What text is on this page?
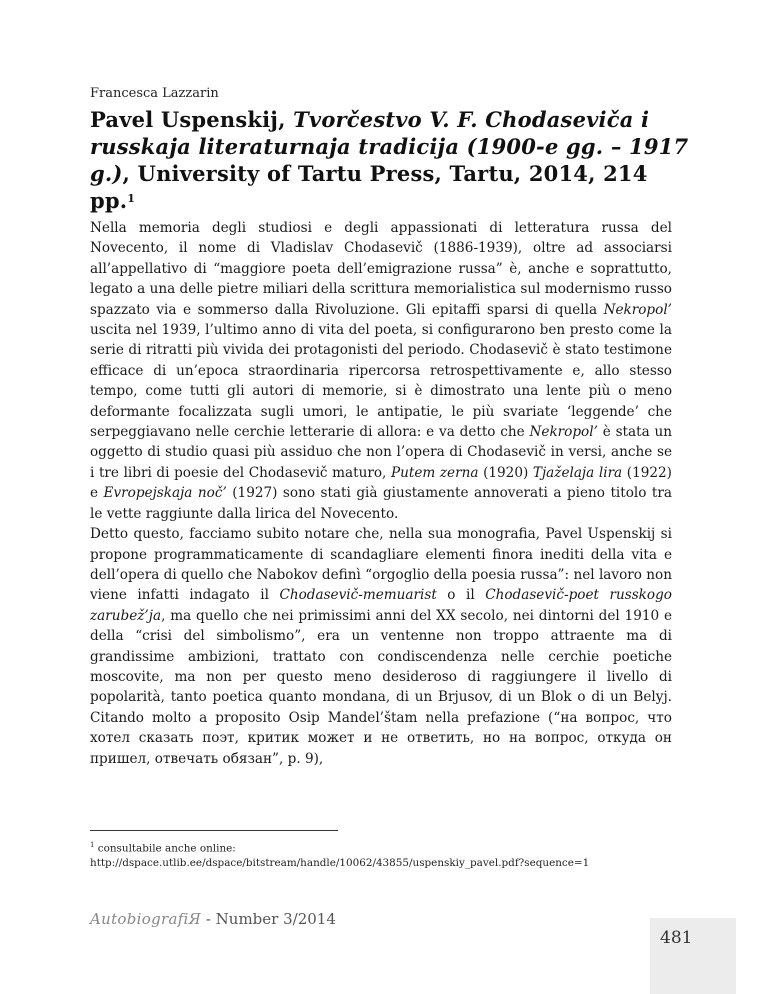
Francesca Lazzarin
Pavel Uspenskij, Tvorčestvo V. F. Chodaseviča i russkaja literaturnaja tradicija (1900-e gg. – 1917 g.), University of Tartu Press, Tartu, 2014, 214 pp.$^1$

Nella memoria degli studiosi e degli appassionati di letteratura russa del Novecento, il nome di Vladislav Chodasevič (1886-1939), oltre ad associarsi all’appellativo di “maggiore poeta dell’emigrazione russa” è, anche e soprattutto, legato a una delle pietre miliari della scrittura memorialistica sul modernismo russo spazzato via e sommerso dalla Rivoluzione. Gli epitaffi sparsi di quella Nekropol’ uscita nel 1939, l’ultimo anno di vita del poeta, si configurarono ben presto come la serie di ritratti più vivida dei protagonisti del periodo. Chodasevič è stato testimone efficace di un’epoca straordinaria ripercorsa retrospettivamente e, allo stesso tempo, come tutti gli autori di memorie, si è dimostrato una lente più o meno deformante focalizzata sugli umori, le antipatie, le più svariate ‘leggende’ che serpeggiavano nelle cerchie letterarie di allora: e va detto che Nekropol’ è stata un oggetto di studio quasi più assiduo che non l’opera di Chodasevič in versi, anche se i tre libri di poesie del Chodasevič maturo, Putem zerna (1920) Tjaželaja lira (1922) e Evropejskaja noč’ (1927) sono stati già giustamente annoverati a pieno titolo tra le vette raggiunte dalla lirica del Novecento.

Detto questo, facciamo subito notare che, nella sua monografia, Pavel Uspenskij si propone programmaticamente di scandagliare elementi finora inediti della vita e dell’opera di quello che Nabokov definì “orgoglio della poesia russa”: nel lavoro non viene infatti indagato il Chodasevič-memuarist o il Chodasevič-poet russkogo zarubež’ja, ma quello che nei primissimi anni del XX secolo, nei dintorni del 1910 e della “crisi del simbolismo”, era un ventenne non troppo attraente ma di grandissime ambizioni, trattato con condiscendenza nelle cerchie poetiche moscovite, ma non per questo meno desideroso di raggiungere il livello di popolarità, tanto poetica quanto mondana, di un Brjusov, di un Blok o di un Belyj. Citando molto a proposito Osip Mandel’štam nella prefazione (“на вопрос, что хотел сказать поэт, критик может и не ответить, но на вопрос, откуда он пришел, отвечать обязан”, p. 9),

$^1$ consultabile anche online:
http://dspace.utlib.ee/dspace/bitstream/handle/10062/43855/uspenskiy_pavel.pdf?sequence=1
AutobiografiЯ - Number 3/2014
481
